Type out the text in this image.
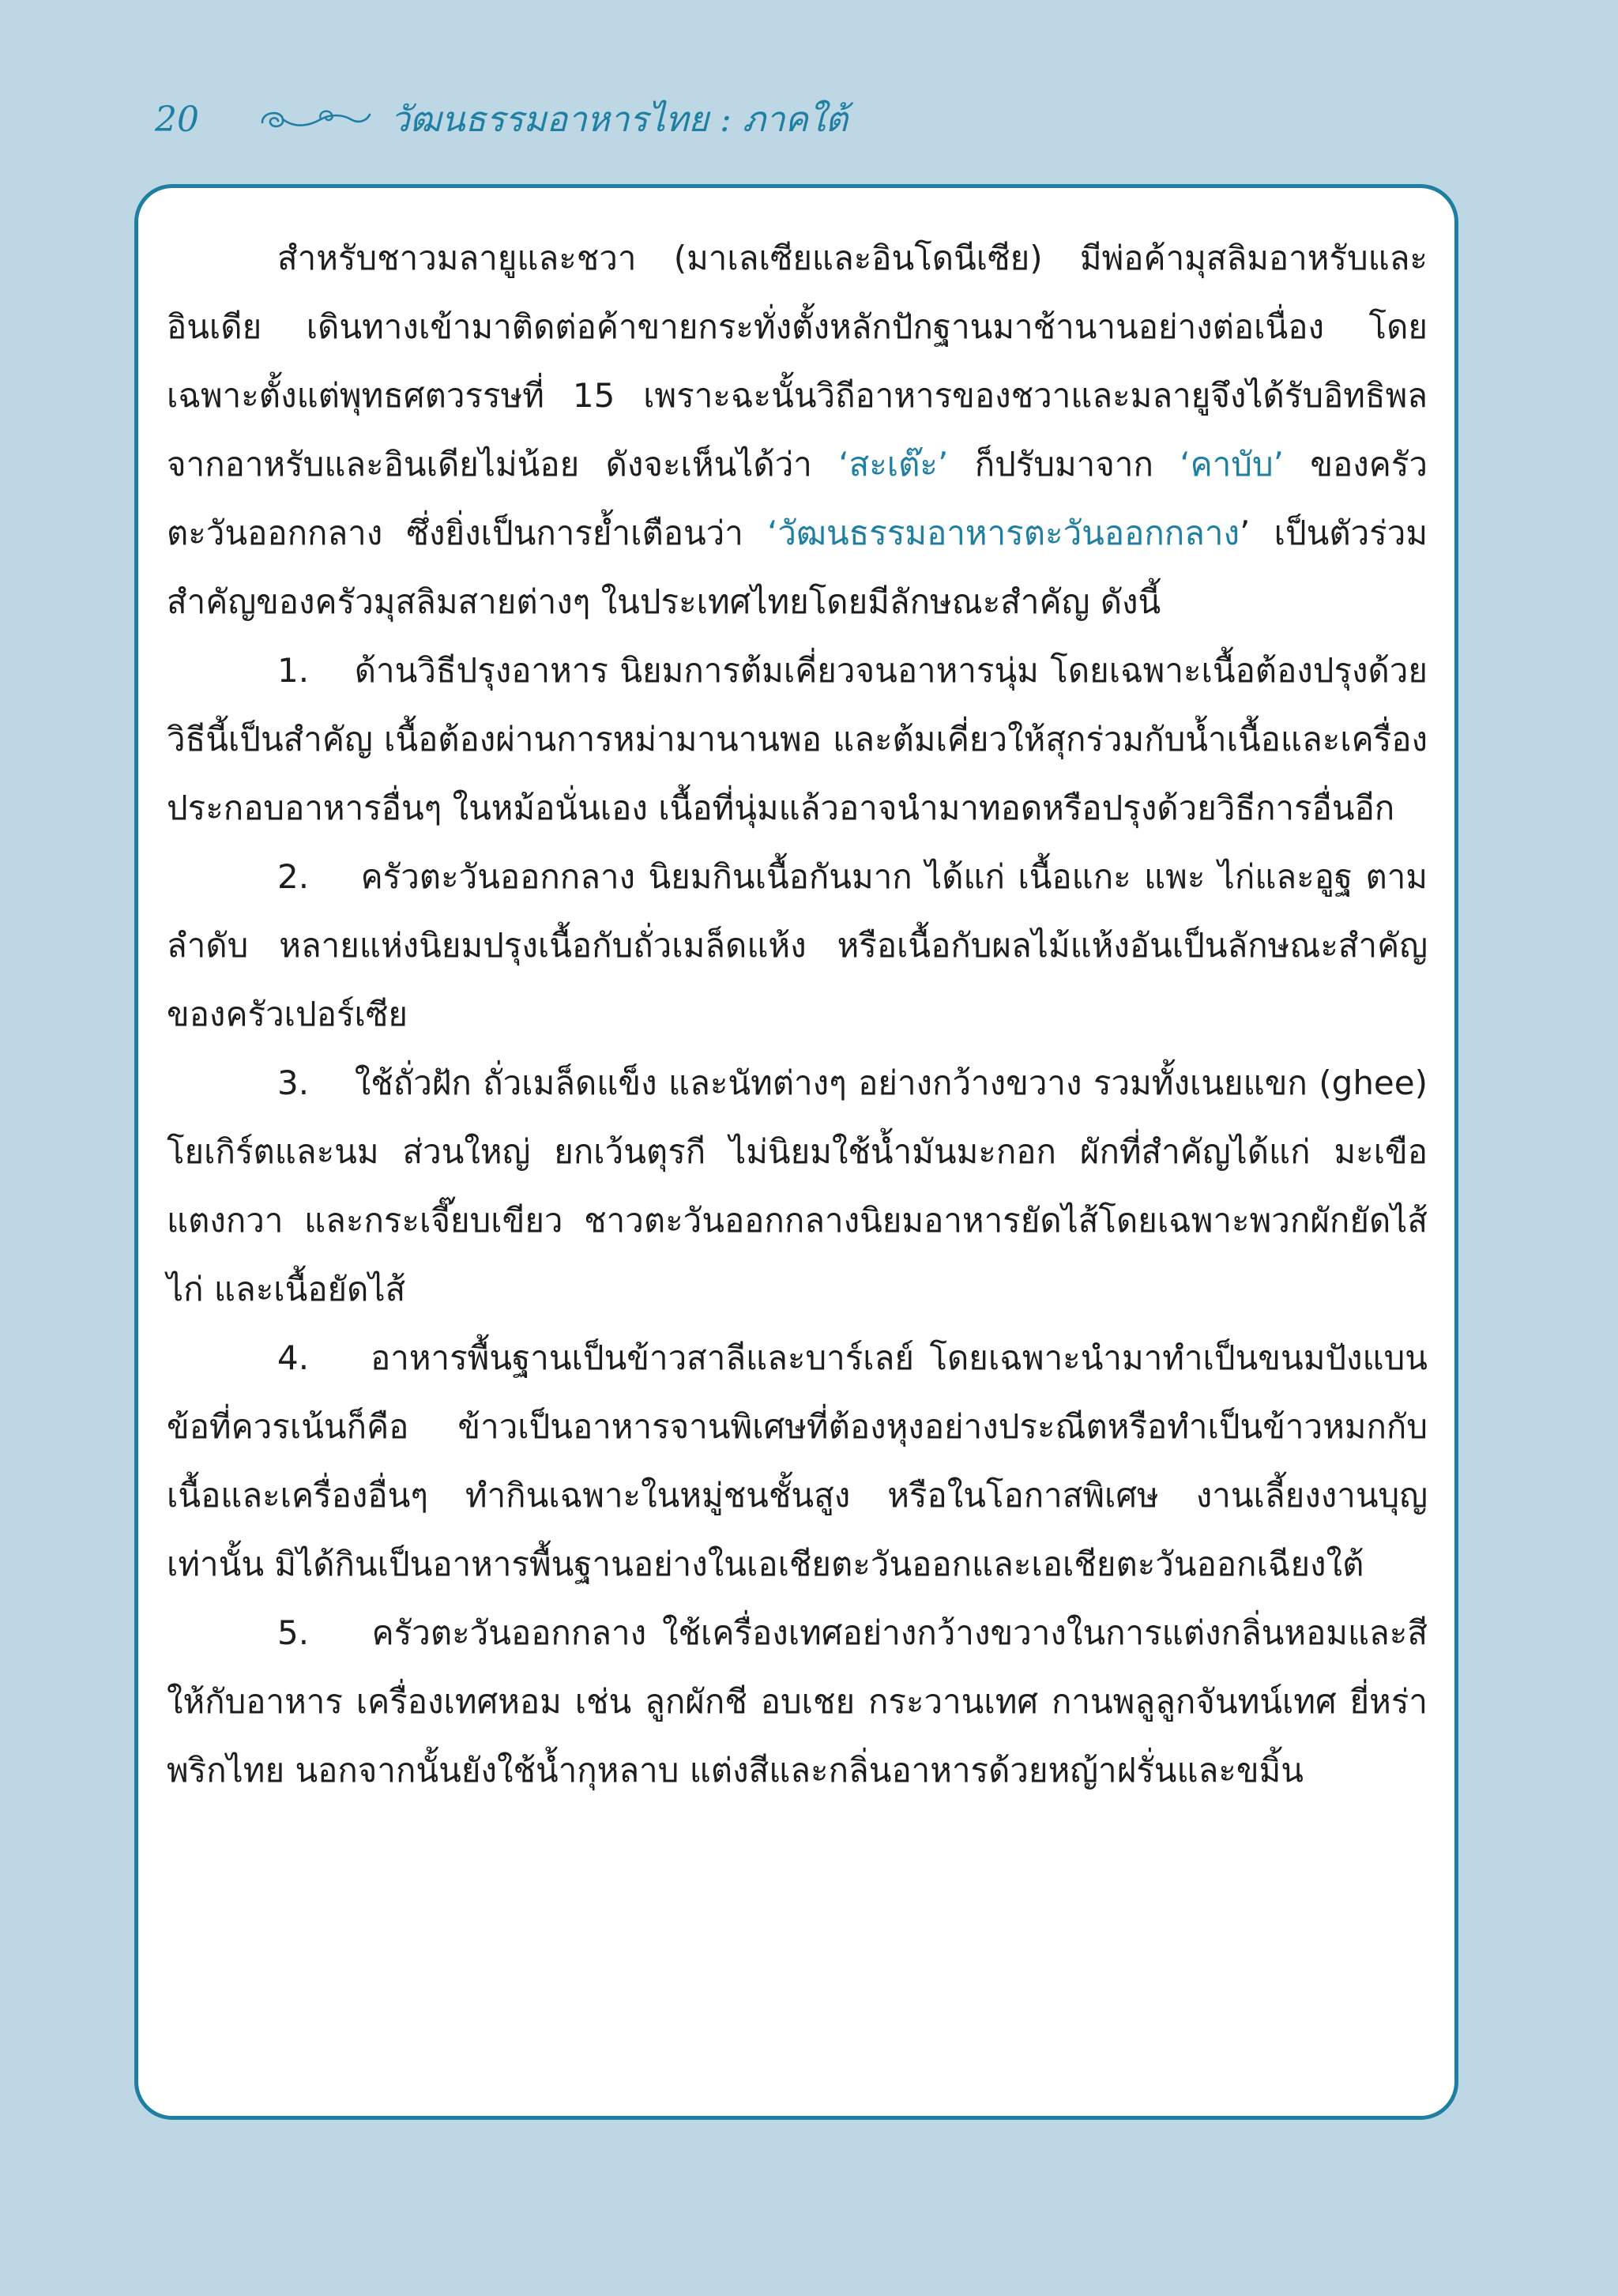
20	วัฒนธรรมอาหารไทย : ภาคใต้

สำหรับชาวมลายูและชวา (มาเลเซียและอินโดนีเซีย) มีพ่อค้ามุสลิมอาหรับและอินเดีย เดินทางเข้ามาติดต่อค้าขายกระทั่งตั้งหลักปักฐานมาช้านานอย่างต่อเนื่อง โดยเฉพาะตั้งแต่พุทธศตวรรษที่ 15 เพราะฉะนั้นวิถีอาหารของชวาและมลายูจึงได้รับอิทธิพลจากอาหรับและอินเดียไม่น้อย ดังจะเห็นได้ว่า ‘สะเต๊ะ’ ก็ปรับมาจาก ‘คาบับ’ ของครัวตะวันออกกลาง ซึ่งยิ่งเป็นการย้ำเตือนว่า ‘วัฒนธรรมอาหารตะวันออกกลาง’ เป็นตัวร่วมสำคัญของครัวมุสลิมสายต่างๆ ในประเทศไทยโดยมีลักษณะสำคัญ ดังนี้

1. ด้านวิธีปรุงอาหาร นิยมการต้มเคี่ยวจนอาหารนุ่ม โดยเฉพาะเนื้อต้องปรุงด้วยวิธีนี้เป็นสำคัญ เนื้อต้องผ่านการหม่ามานานพอ และต้มเคี่ยวให้สุกร่วมกับน้ำเนื้อและเครื่องประกอบอาหารอื่นๆ ในหม้อนั่นเอง เนื้อที่นุ่มแล้วอาจนำมาทอดหรือปรุงด้วยวิธีการอื่นอีก

2. ครัวตะวันออกกลาง นิยมกินเนื้อกันมาก ได้แก่ เนื้อแกะ แพะ ไก่และอูฐ ตามลำดับ หลายแห่งนิยมปรุงเนื้อกับถั่วเมล็ดแห้ง หรือเนื้อกับผลไม้แห้งอันเป็นลักษณะสำคัญของครัวเปอร์เซีย

3. ใช้ถั่วฝัก ถั่วเมล็ดแข็ง และนัทต่างๆ อย่างกว้างขวาง รวมทั้งเนยแขก (ghee) โยเกิร์ตและนม ส่วนใหญ่ ยกเว้นตุรกี ไม่นิยมใช้น้ำมันมะกอก ผักที่สำคัญได้แก่ มะเขือ แตงกวา และกระเจี๊ยบเขียว ชาวตะวันออกกลางนิยมอาหารยัดไส้โดยเฉพาะพวกผักยัดไส้ ไก่ และเนื้อยัดไส้

4. อาหารพื้นฐานเป็นข้าวสาลีและบาร์เลย์ โดยเฉพาะนำมาทำเป็นขนมปังแบน ข้อที่ควรเน้นก็คือ ข้าวเป็นอาหารจานพิเศษที่ต้องหุงอย่างประณีตหรือทำเป็นข้าวหมกกับเนื้อและเครื่องอื่นๆ ทำกินเฉพาะในหมู่ชนชั้นสูง หรือในโอกาสพิเศษ งานเลี้ยงงานบุญเท่านั้น มิได้กินเป็นอาหารพื้นฐานอย่างในเอเชียตะวันออกและเอเชียตะวันออกเฉียงใต้

5. ครัวตะวันออกกลาง ใช้เครื่องเทศอย่างกว้างขวางในการแต่งกลิ่นหอมและสีให้กับอาหาร เครื่องเทศหอม เช่น ลูกผักชี อบเชย กระวานเทศ กานพลูลูกจันทน์เทศ ยี่หร่า พริกไทย นอกจากนั้นยังใช้น้ำกุหลาบ แต่งสีและกลิ่นอาหารด้วยหญ้าฝรั่นและขมิ้น
